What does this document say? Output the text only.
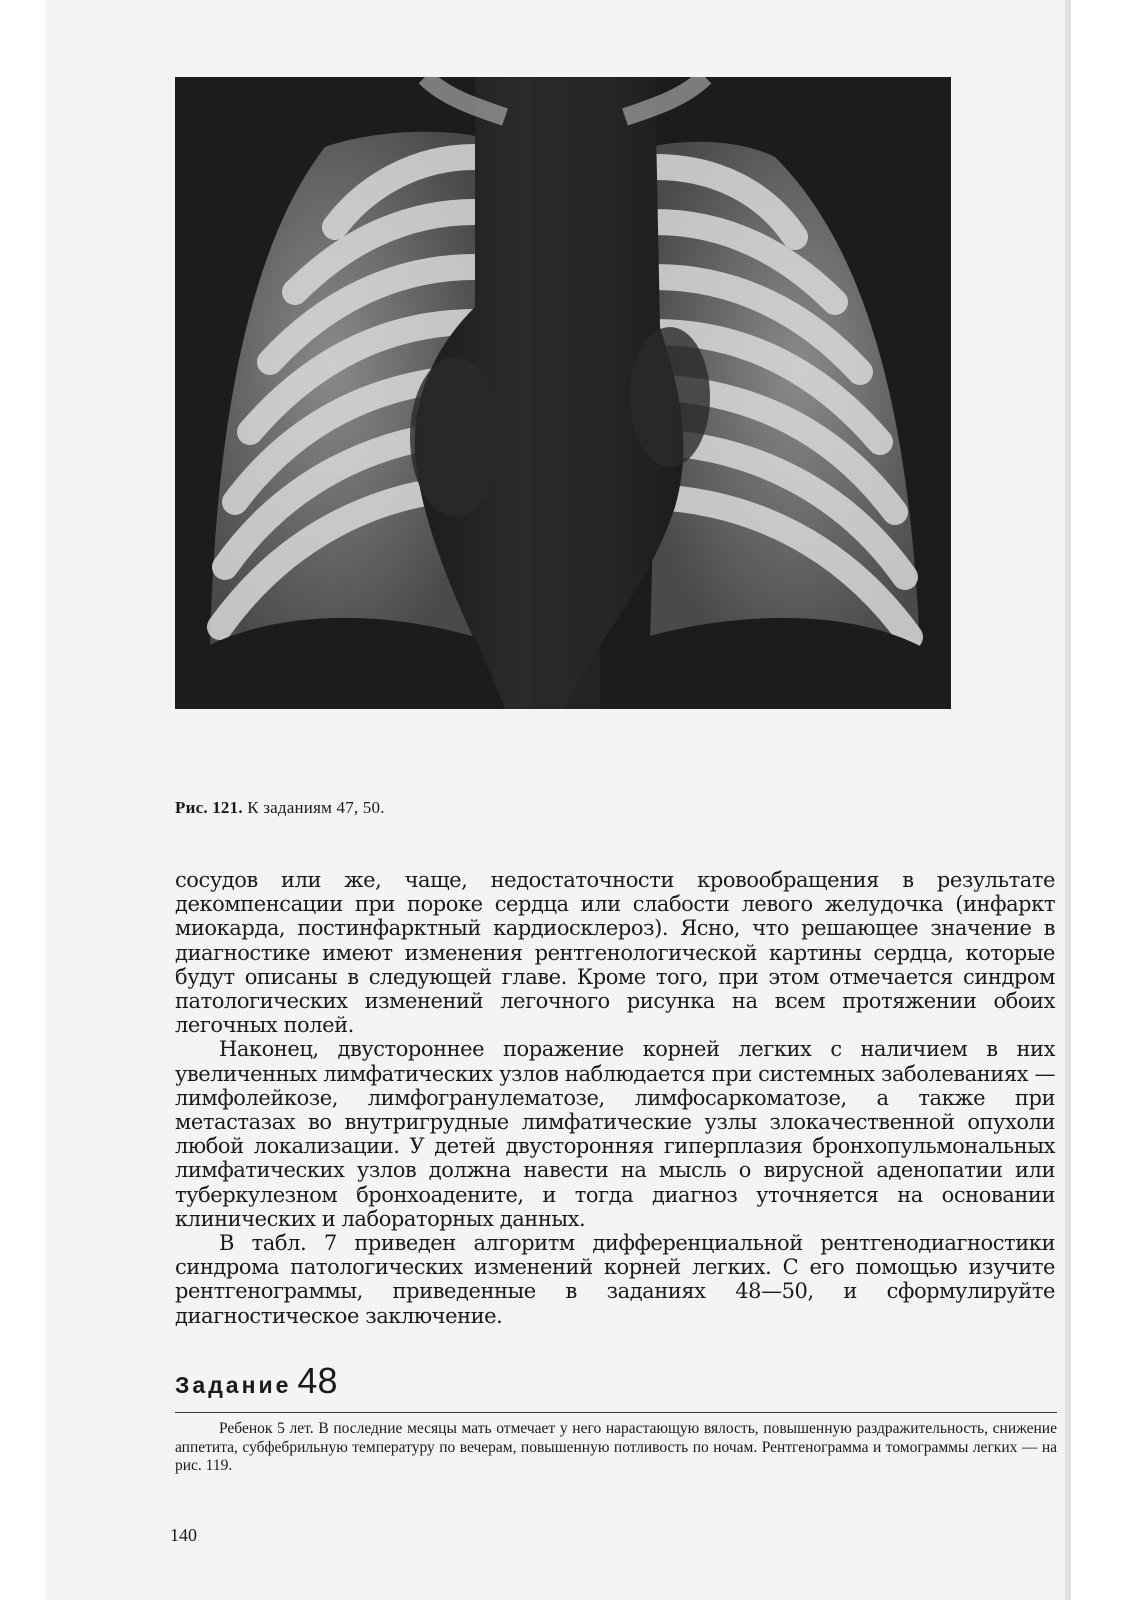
Рис. 121. К заданиям 47, 50.

сосудов или же, чаще, недостаточности кровообращения в результате декомпенсации при пороке сердца или слабости левого желудочка (инфаркт миокарда, постинфарктный кардиосклероз). Ясно, что решающее значение в диагностике имеют изменения рентгенологической картины сердца, которые будут описаны в следующей главе. Кроме того, при этом отмечается синдром патологических изменений легочного рисунка на всем протяжении обоих легочных полей.

Наконец, двустороннее поражение корней легких с наличием в них увеличенных лимфатических узлов наблюдается при системных заболеваниях — лимфолейкозе, лимфогранулематозе, лимфосаркоматозе, а также при метастазах во внутригрудные лимфатические узлы злокачественной опухоли любой локализации. У детей двусторонняя гиперплазия бронхопульмональных лимфатических узлов должна навести на мысль о вирусной аденопатии или туберкулезном бронхоадените, и тогда диагноз уточняется на основании клинических и лабораторных данных.

В табл. 7 приведен алгоритм дифференциальной рентгенодиагностики синдрома патологических изменений корней легких. С его помощью изучите рентгенограммы, приведенные в заданиях 48—50, и сформулируйте диагностическое заключение.

Задание 48

Ребенок 5 лет. В последние месяцы мать отмечает у него нарастающую вялость, повышенную раздражительность, снижение аппетита, субфебрильную температуру по вечерам, повышенную потливость по ночам. Рентгенограмма и томограммы легких — на рис. 119.

140
